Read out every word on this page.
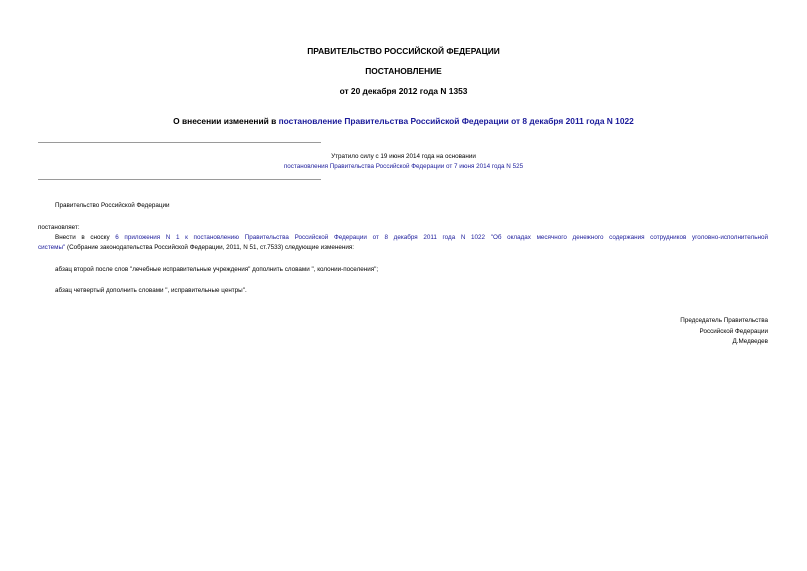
ПРАВИТЕЛЬСТВО РОССИЙСКОЙ ФЕДЕРАЦИИ
ПОСТАНОВЛЕНИЕ
от 20 декабря 2012 года N 1353
О внесении изменений в постановление Правительства Российской Федерации от 8 декабря 2011 года N 1022
Утратило силу с 19 июня 2014 года на основании
постановления Правительства Российской Федерации от 7 июня 2014 года N 525
Правительство Российской Федерации
постановляет:
Внести в сноску 6 приложения N 1 к постановлению Правительства Российской Федерации от 8 декабря 2011 года N 1022 "Об окладах месячного денежного содержания сотрудников уголовно-исполнительной
системы" (Собрание законодательства Российской Федерации, 2011, N 51, ст.7533) следующие изменения:
абзац второй после слов "лечебные исправительные учреждения" дополнить словами ", колонии-поселения";
абзац четвертый дополнить словами ", исправительные центры".
Председатель Правительства
Российской Федерации
Д.Медведев
